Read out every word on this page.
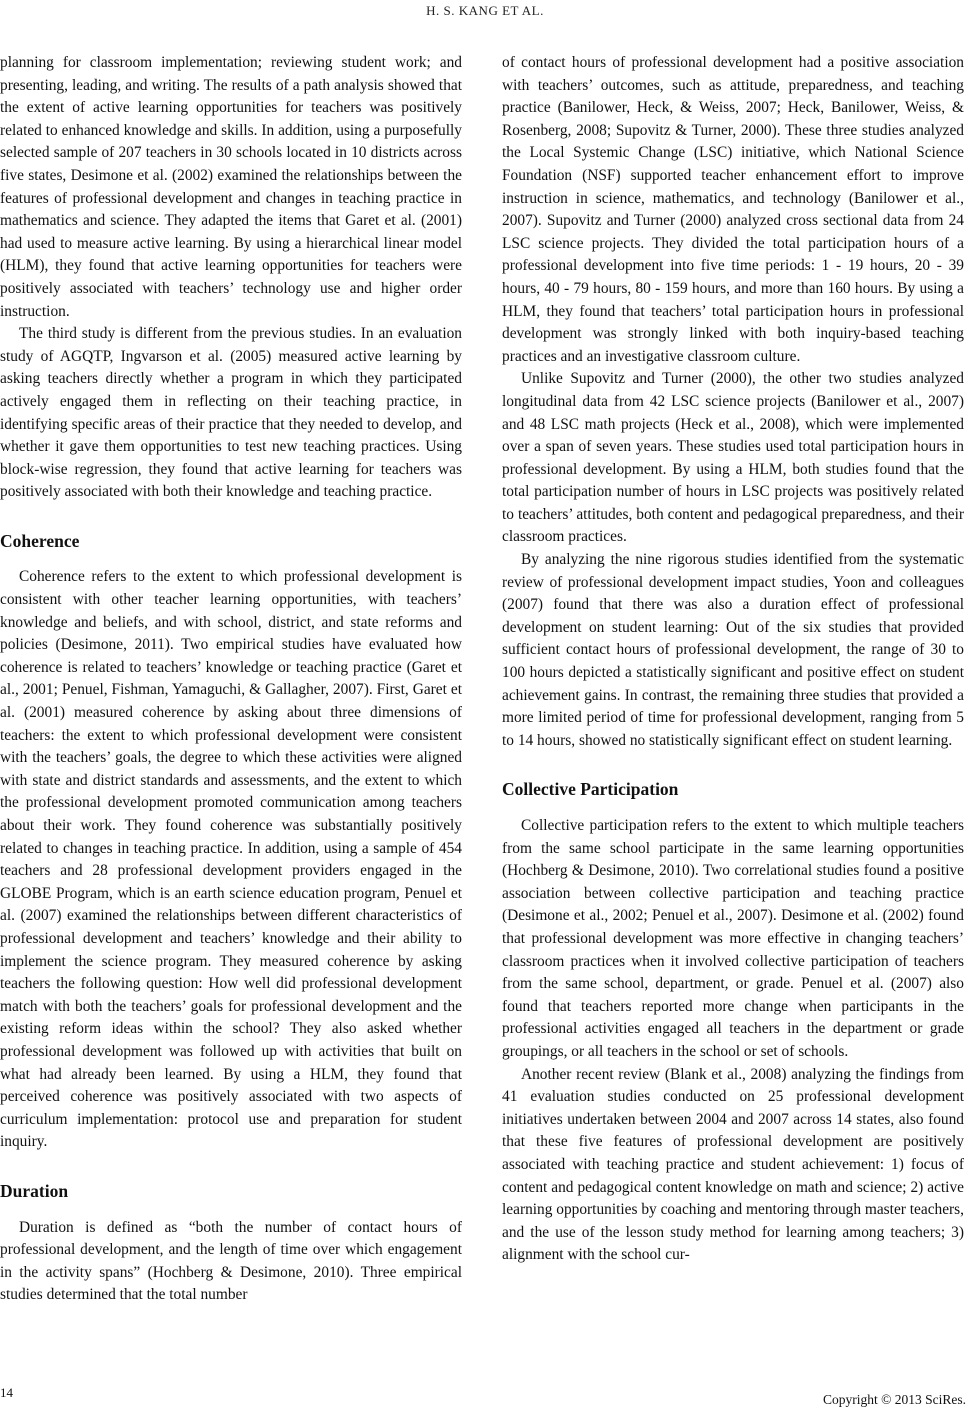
H. S. KANG ET AL.

planning for classroom implementation; reviewing student work; and presenting, leading, and writing. The results of a path analysis showed that the extent of active learning opportunities for teachers was positively related to enhanced knowledge and skills. In addition, using a purposefully selected sample of 207 teachers in 30 schools located in 10 districts across five states, Desimone et al. (2002) examined the relationships between the features of professional development and changes in teaching practice in mathematics and science. They adapted the items that Garet et al. (2001) had used to measure active learning. By using a hierarchical linear model (HLM), they found that active learning opportunities for teachers were positively associated with teachers’ technology use and higher order instruction.

The third study is different from the previous studies. In an evaluation study of AGQTP, Ingvarson et al. (2005) measured active learning by asking teachers directly whether a program in which they participated actively engaged them in reflecting on their teaching practice, in identifying specific areas of their practice that they needed to develop, and whether it gave them opportunities to test new teaching practices. Using block-wise regression, they found that active learning for teachers was positively associated with both their knowledge and teaching practice.

Coherence

Coherence refers to the extent to which professional development is consistent with other teacher learning opportunities, with teachers’ knowledge and beliefs, and with school, district, and state reforms and policies (Desimone, 2011). Two empirical studies have evaluated how coherence is related to teachers’ knowledge or teaching practice (Garet et al., 2001; Penuel, Fishman, Yamaguchi, & Gallagher, 2007). First, Garet et al. (2001) measured coherence by asking about three dimensions of teachers: the extent to which professional development were consistent with the teachers’ goals, the degree to which these activities were aligned with state and district standards and assessments, and the extent to which the professional development promoted communication among teachers about their work. They found coherence was substantially positively related to changes in teaching practice. In addition, using a sample of 454 teachers and 28 professional development providers engaged in the GLOBE Program, which is an earth science education program, Penuel et al. (2007) examined the relationships between different characteristics of professional development and teachers’ knowledge and their ability to implement the science program. They measured coherence by asking teachers the following question: How well did professional development match with both the teachers’ goals for professional development and the existing reform ideas within the school? They also asked whether professional development was followed up with activities that built on what had already been learned. By using a HLM, they found that perceived coherence was positively associated with two aspects of curriculum implementation: protocol use and preparation for student inquiry.

Duration

Duration is defined as “both the number of contact hours of professional development, and the length of time over which engagement in the activity spans” (Hochberg & Desimone, 2010). Three empirical studies determined that the total number

of contact hours of professional development had a positive association with teachers’ outcomes, such as attitude, preparedness, and teaching practice (Banilower, Heck, & Weiss, 2007; Heck, Banilower, Weiss, & Rosenberg, 2008; Supovitz & Turner, 2000). These three studies analyzed the Local Systemic Change (LSC) initiative, which National Science Foundation (NSF) supported teacher enhancement effort to improve instruction in science, mathematics, and technology (Banilower et al., 2007). Supovitz and Turner (2000) analyzed cross sectional data from 24 LSC science projects. They divided the total participation hours of a professional development into five time periods: 1 - 19 hours, 20 - 39 hours, 40 - 79 hours, 80 - 159 hours, and more than 160 hours. By using a HLM, they found that teachers’ total participation hours in professional development was strongly linked with both inquiry-based teaching practices and an investigative classroom culture.

Unlike Supovitz and Turner (2000), the other two studies analyzed longitudinal data from 42 LSC science projects (Banilower et al., 2007) and 48 LSC math projects (Heck et al., 2008), which were implemented over a span of seven years. These studies used total participation hours in professional development. By using a HLM, both studies found that the total participation number of hours in LSC projects was positively related to teachers’ attitudes, both content and pedagogical preparedness, and their classroom practices.

By analyzing the nine rigorous studies identified from the systematic review of professional development impact studies, Yoon and colleagues (2007) found that there was also a duration effect of professional development on student learning: Out of the six studies that provided sufficient contact hours of professional development, the range of 30 to 100 hours depicted a statistically significant and positive effect on student achievement gains. In contrast, the remaining three studies that provided a more limited period of time for professional development, ranging from 5 to 14 hours, showed no statistically significant effect on student learning.

Collective Participation

Collective participation refers to the extent to which multiple teachers from the same school participate in the same learning opportunities (Hochberg & Desimone, 2010). Two correlational studies found a positive association between collective participation and teaching practice (Desimone et al., 2002; Penuel et al., 2007). Desimone et al. (2002) found that professional development was more effective in changing teachers’ classroom practices when it involved collective participation of teachers from the same school, department, or grade. Penuel et al. (2007) also found that teachers reported more change when participants in the professional activities engaged all teachers in the department or grade groupings, or all teachers in the school or set of schools.

Another recent review (Blank et al., 2008) analyzing the findings from 41 evaluation studies conducted on 25 professional development initiatives undertaken between 2004 and 2007 across 14 states, also found that these five features of professional development are positively associated with teaching practice and student achievement: 1) focus of content and pedagogical content knowledge on math and science; 2) active learning opportunities by coaching and mentoring through master teachers, and the use of the lesson study method for learning among teachers; 3) alignment with the school cur-

14	Copyright © 2013 SciRes.
